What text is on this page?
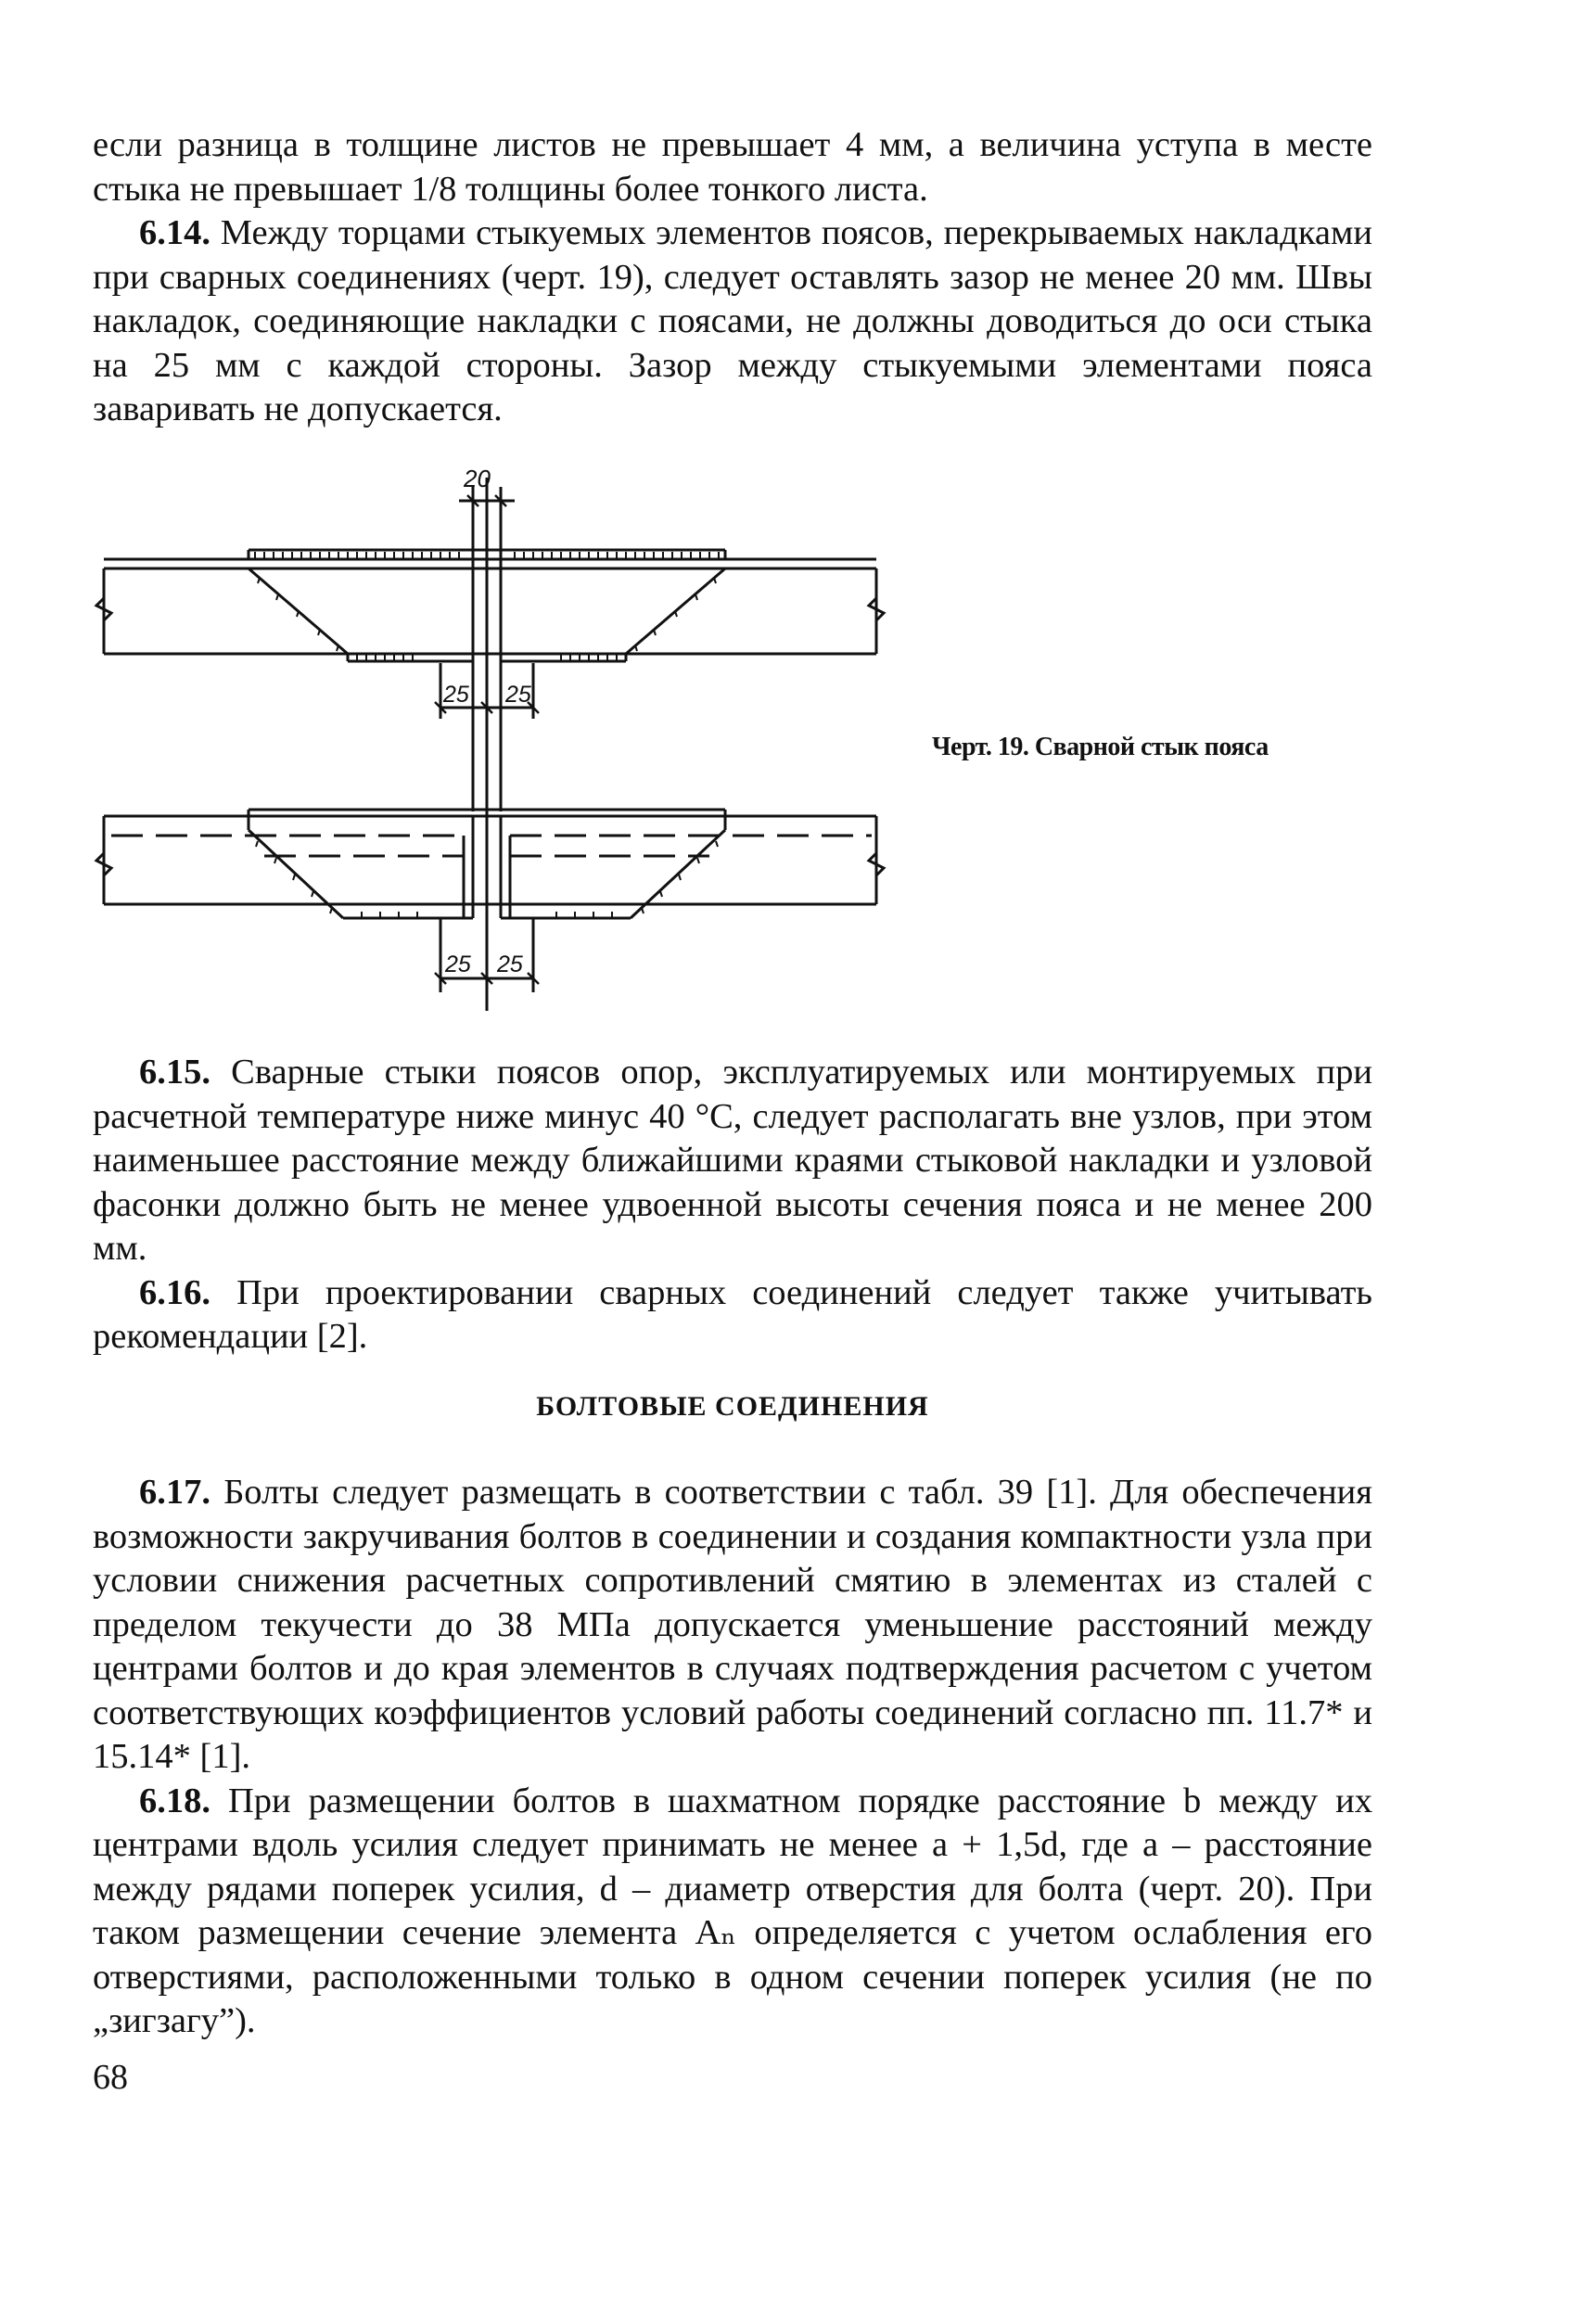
если разница в толщине листов не превышает 4 мм, а величина уступа в месте стыка не превышает 1/8 толщины более тонкого листа.

6.14. Между торцами стыкуемых элементов поясов, перекрываемых накладками при сварных соединениях (черт. 19), следует оставлять зазор не менее 20 мм. Швы накладок, соединяющие накладки с поясами, не должны доводиться до оси стыка на 25 мм с каждой стороны. Зазор между стыкуемыми элементами пояса заваривать не допускается.

20
25 25
25 25
Черт. 19. Сварной стык пояса

6.15. Сварные стыки поясов опор, эксплуатируемых или монтируемых при расчетной температуре ниже минус 40 °С, следует располагать вне узлов, при этом наименьшее расстояние между ближайшими краями стыковой накладки и узловой фасонки должно быть не менее удвоенной высоты сечения пояса и не менее 200 мм.

6.16. При проектировании сварных соединений следует также учитывать рекомендации [2].

БОЛТОВЫЕ СОЕДИНЕНИЯ

6.17. Болты следует размещать в соответствии с табл. 39 [1]. Для обеспечения возможности закручивания болтов в соединении и создания компактности узла при условии снижения расчетных сопротивлений смятию в элементах из сталей с пределом текучести до 38 МПа допускается уменьшение расстояний между центрами болтов и до края элементов в случаях подтверждения расчетом с учетом соответствующих коэффициентов условий работы соединений согласно пп. 11.7* и 15.14* [1].

6.18. При размещении болтов в шахматном порядке расстояние b между их центрами вдоль усилия следует принимать не менее a + 1,5d, где a – расстояние между рядами поперек усилия, d – диаметр отверстия для болта (черт. 20). При таком размещении сечение элемента Aₙ определяется с учетом ослабления его отверстиями, расположенными только в одном сечении поперек усилия (не по „зигзагу”).

68
